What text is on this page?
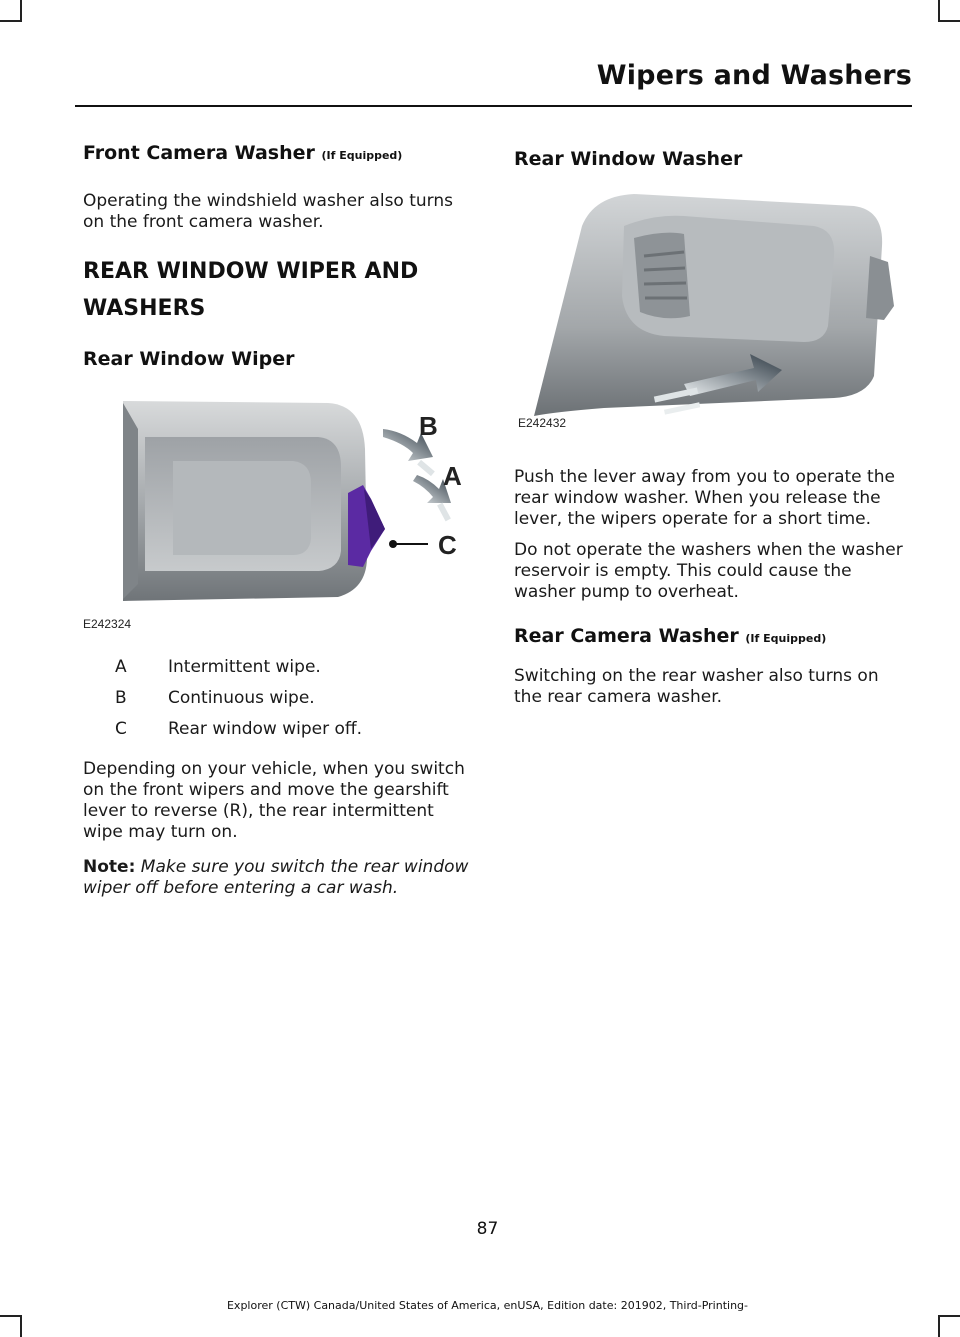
Wipers and Washers
Front Camera Washer (If Equipped)

Operating the windshield washer also turns on the front camera washer.

REAR WINDOW WIPER AND
WASHERS
Rear Window Wiper
B
A
C
E242324
A	Intermittent wipe.
B	Continuous wipe.
C	Rear window wiper off.

Depending on your vehicle, when you switch on the front wipers and move the gearshift lever to reverse (R), the rear intermittent wipe may turn on.

Note: Make sure you switch the rear window wiper off before entering a car wash.

Rear Window Washer
E242432

Push the lever away from you to operate the rear window washer. When you release the lever, the wipers operate for a short time.

Do not operate the washers when the washer reservoir is empty. This could cause the washer pump to overheat.

Rear Camera Washer (If Equipped)

Switching on the rear washer also turns on the rear camera washer.

87
Explorer (CTW) Canada/United States of America, enUSA, Edition date: 201902, Third-Printing-
